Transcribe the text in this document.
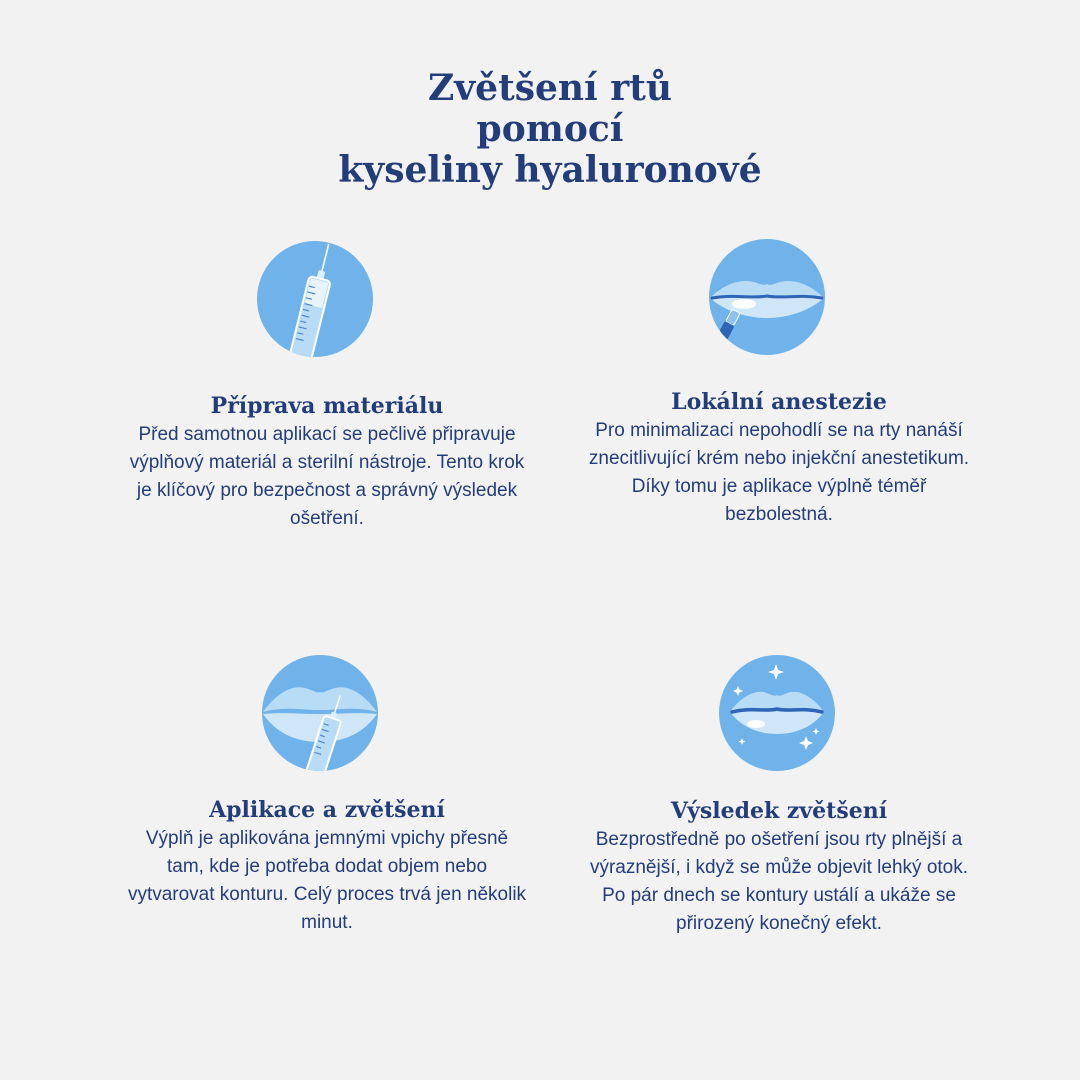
Zvětšení rtů
pomocí
kyseliny hyaluronové
Příprava materiálu

Před samotnou aplikací se pečlivě připravuje výplňový materiál a sterilní nástroje. Tento krok je klíčový pro bezpečnost a správný výsledek ošetření.

Lokální anestezie

Pro minimalizaci nepohodlí se na rty nanáší znecitlivující krém nebo injekční anestetikum. Díky tomu je aplikace výplně téměř bezbolestná.

Aplikace a zvětšení

Výplň je aplikována jemnými vpichy přesně tam, kde je potřeba dodat objem nebo vytvarovat konturu. Celý proces trvá jen několik minut.

Výsledek zvětšení

Bezprostředně po ošetření jsou rty plnější a výraznější, i když se může objevit lehký otok. Po pár dnech se kontury ustálí a ukáže se přirozený konečný efekt.
